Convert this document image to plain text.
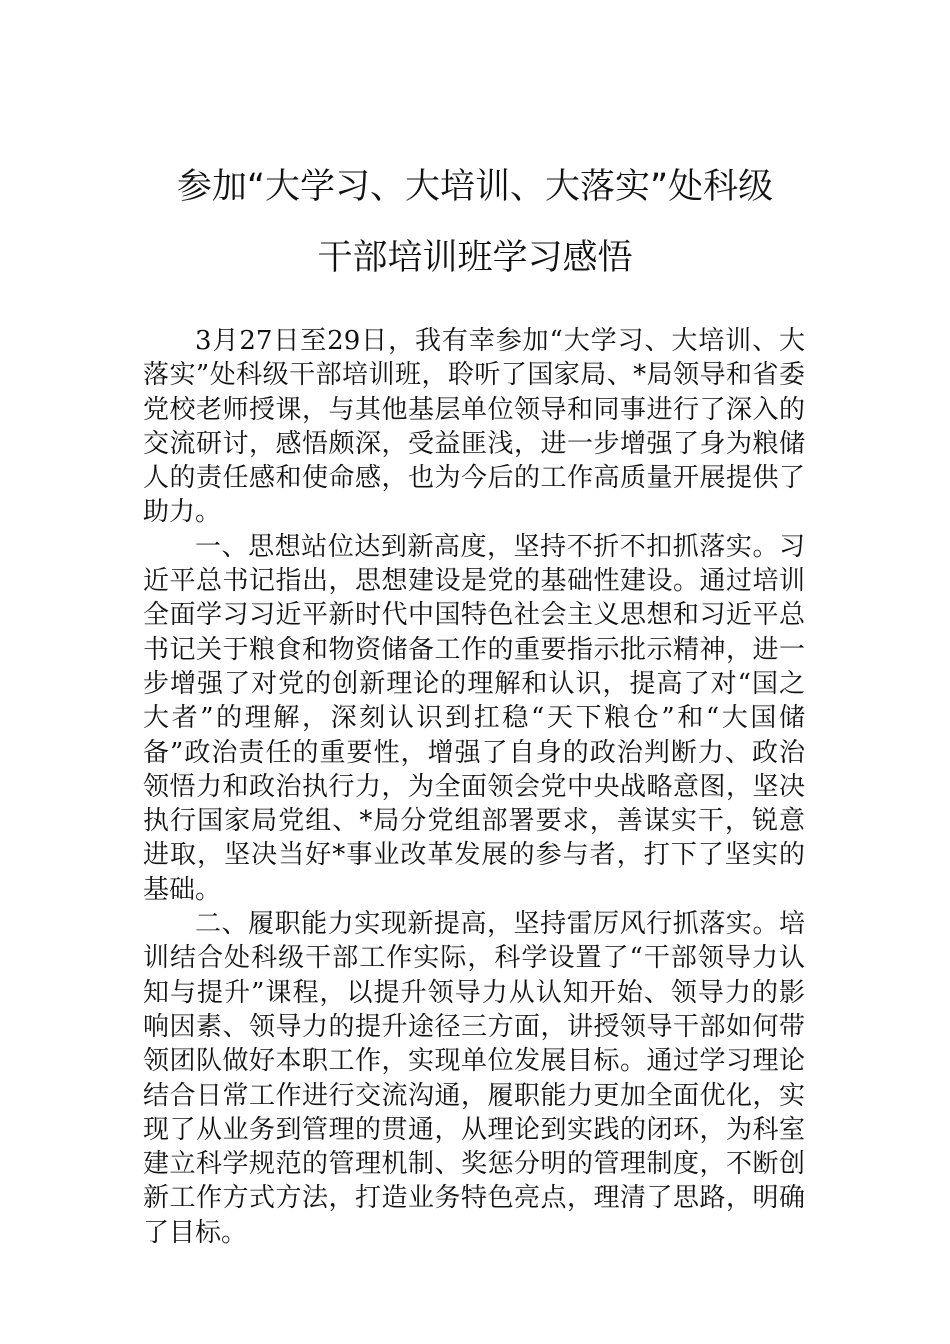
参加“大学习、大培训、大落实”处科级
干部培训班学习感悟

3月27日至29日，我有幸参加“大学习、大培训、大落实”处科级干部培训班，聆听了国家局、*局领导和省委党校老师授课，与其他基层单位领导和同事进行了深入的交流研讨，感悟颇深，受益匪浅，进一步增强了身为粮储人的责任感和使命感，也为今后的工作高质量开展提供了助力。

一、思想站位达到新高度，坚持不折不扣抓落实。习近平总书记指出，思想建设是党的基础性建设。通过培训全面学习习近平新时代中国特色社会主义思想和习近平总书记关于粮食和物资储备工作的重要指示批示精神，进一步增强了对党的创新理论的理解和认识，提高了对“国之大者”的理解，深刻认识到扛稳“天下粮仓”和“大国储备”政治责任的重要性，增强了自身的政治判断力、政治领悟力和政治执行力，为全面领会党中央战略意图，坚决执行国家局党组、*局分党组部署要求，善谋实干，锐意进取，坚决当好*事业改革发展的参与者，打下了坚实的基础。

二、履职能力实现新提高，坚持雷厉风行抓落实。培训结合处科级干部工作实际，科学设置了“干部领导力认知与提升”课程，以提升领导力从认知开始、领导力的影响因素、领导力的提升途径三方面，讲授领导干部如何带领团队做好本职工作，实现单位发展目标。通过学习理论结合日常工作进行交流沟通，履职能力更加全面优化，实现了从业务到管理的贯通，从理论到实践的闭环，为科室建立科学规范的管理机制、奖惩分明的管理制度，不断创新工作方式方法，打造业务特色亮点，理清了思路，明确了目标。
